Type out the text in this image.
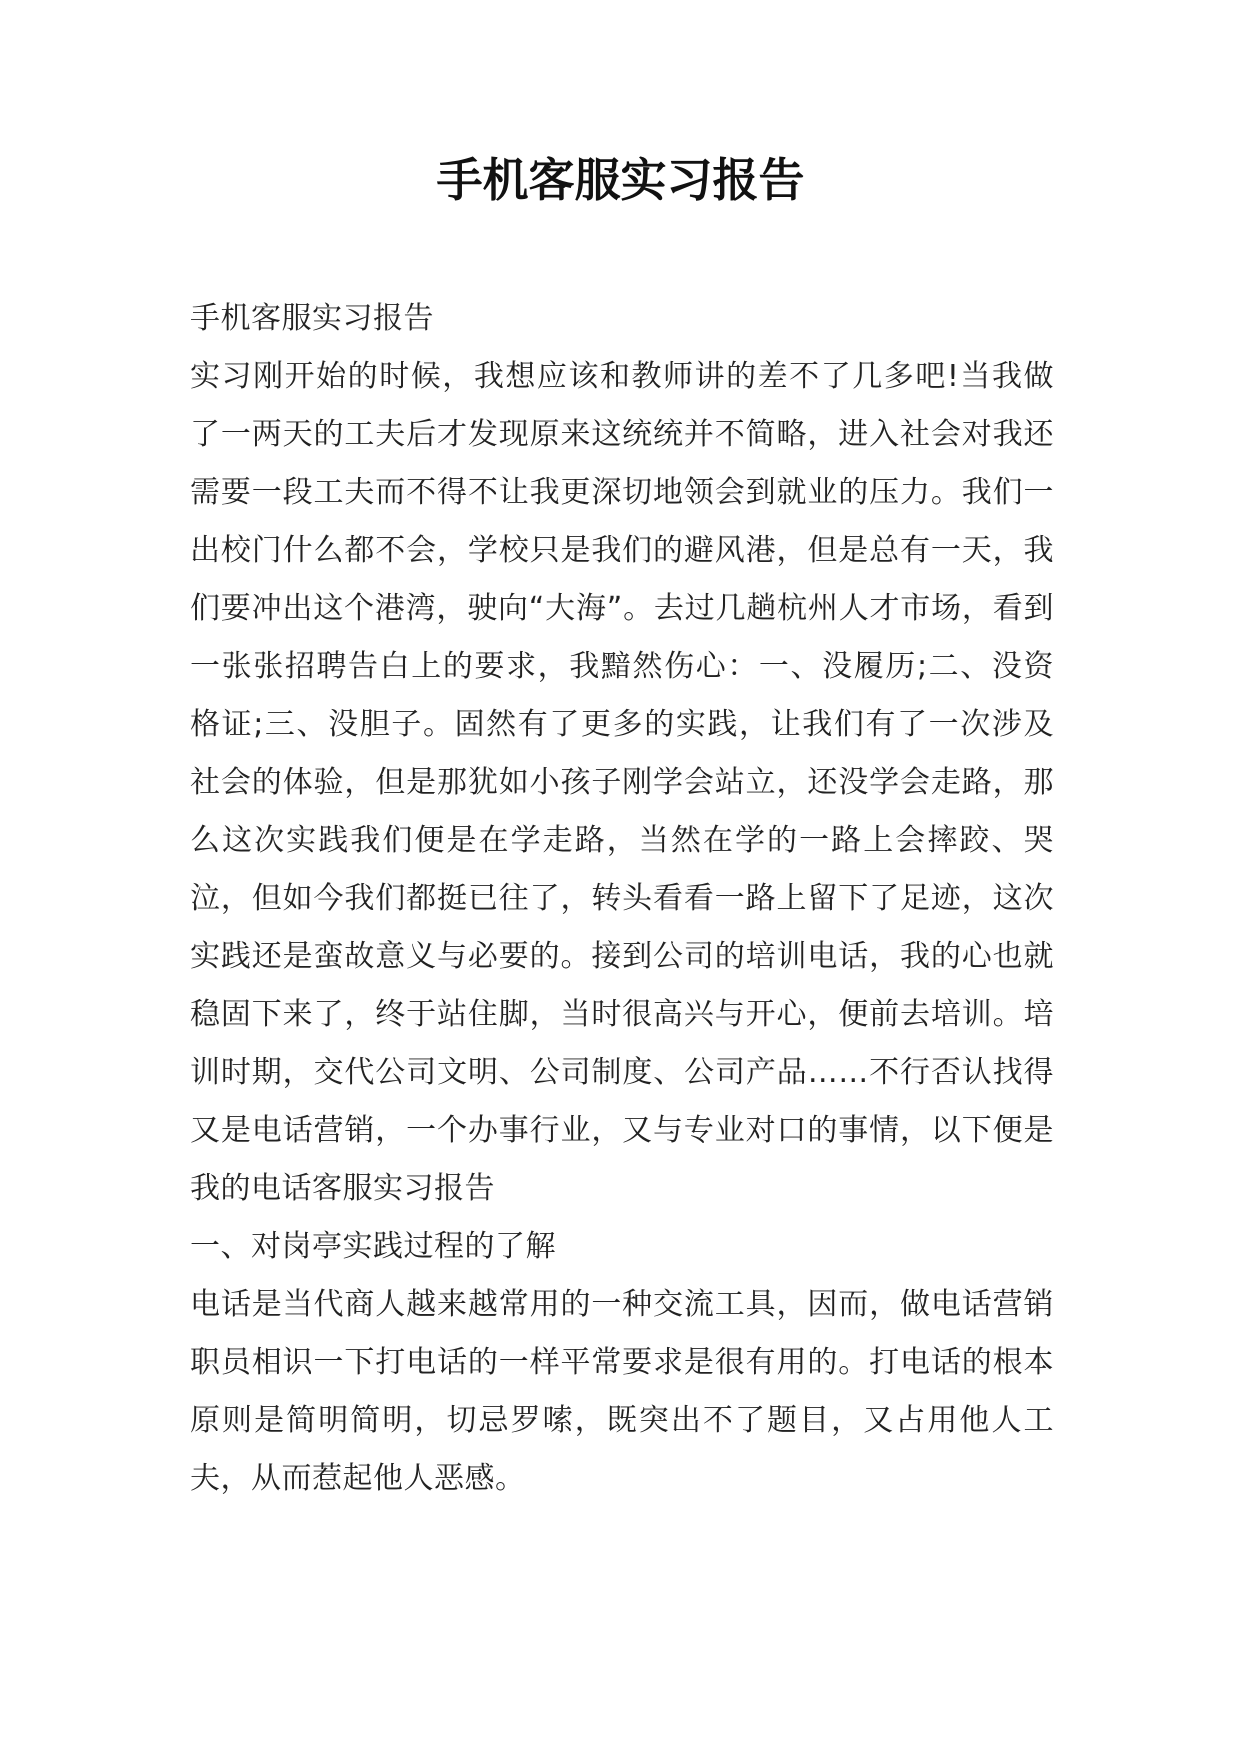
手机客服实习报告

手机客服实习报告

实习刚开始的时候，我想应该和教师讲的差不了几多吧!当我做了一两天的工夫后才发现原来这统统并不简略，进入社会对我还需要一段工夫而不得不让我更深切地领会到就业的压力。我们一出校门什么都不会，学校只是我们的避风港，但是总有一天，我们要冲出这个港湾，驶向“大海”。去过几趟杭州人才市场，看到一张张招聘告白上的要求，我黯然伤心：一、没履历;二、没资格证;三、没胆子。固然有了更多的实践，让我们有了一次涉及社会的体验，但是那犹如小孩子刚学会站立，还没学会走路，那么这次实践我们便是在学走路，当然在学的一路上会摔跤、哭泣，但如今我们都挺已往了，转头看看一路上留下了足迹，这次实践还是蛮故意义与必要的。接到公司的培训电话，我的心也就稳固下来了，终于站住脚，当时很高兴与开心，便前去培训。培训时期，交代公司文明、公司制度、公司产品……不行否认找得又是电话营销，一个办事行业，又与专业对口的事情，以下便是我的电话客服实习报告

一、对岗亭实践过程的了解

电话是当代商人越来越常用的一种交流工具，因而，做电话营销职员相识一下打电话的一样平常要求是很有用的。打电话的根本原则是简明简明，切忌罗嗦，既突出不了题目，又占用他人工夫，从而惹起他人恶感。
